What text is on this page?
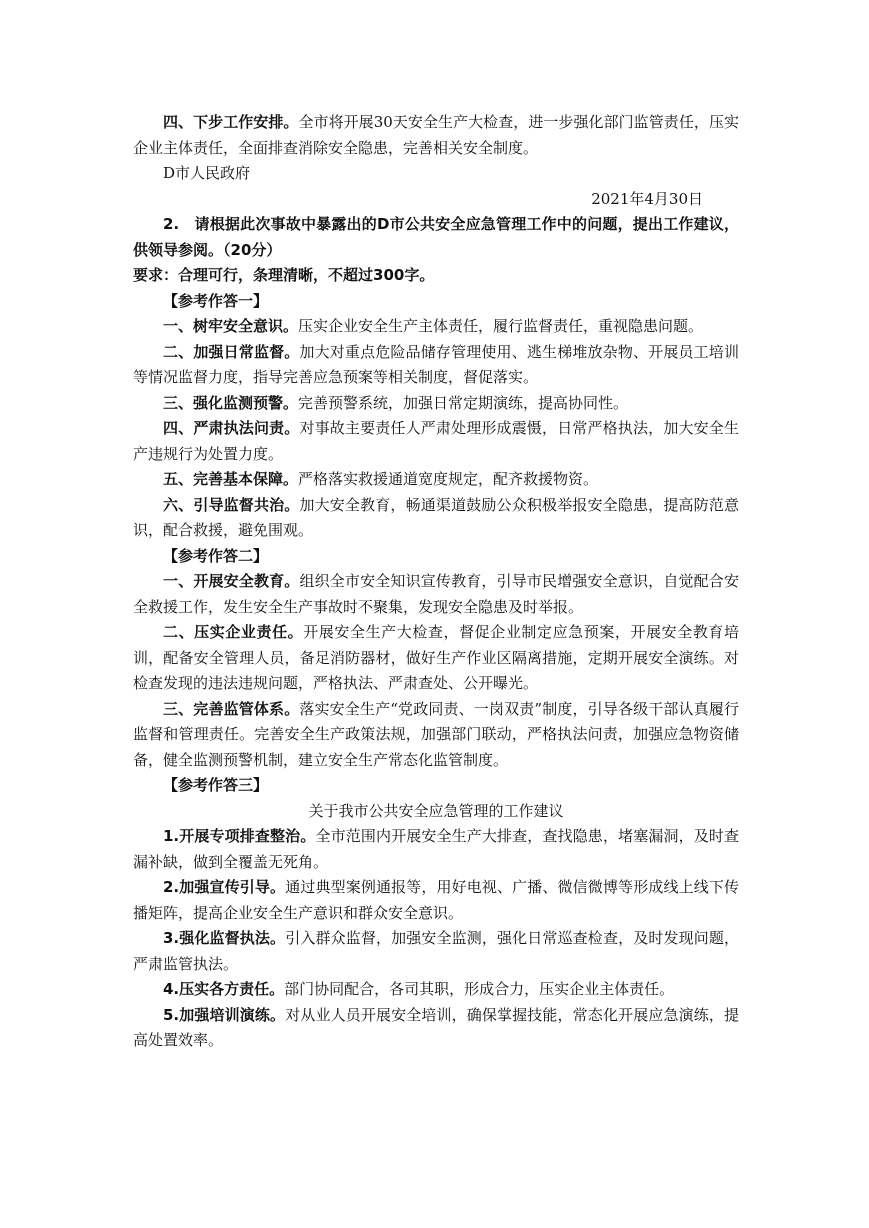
四、下步工作安排。全市将开展30天安全生产大检查，进一步强化部门监管责任，压实企业主体责任，全面排查消除安全隐患，完善相关安全制度。

D市人民政府

2021年4月30日

2.　请根据此次事故中暴露出的D市公共安全应急管理工作中的问题，提出工作建议，供领导参阅。（20分）

要求：合理可行，条理清晰，不超过300字。

【参考作答一】

一、树牢安全意识。压实企业安全生产主体责任，履行监督责任，重视隐患问题。

二、加强日常监督。加大对重点危险品储存管理使用、逃生梯堆放杂物、开展员工培训等情况监督力度，指导完善应急预案等相关制度，督促落实。

三、强化监测预警。完善预警系统，加强日常定期演练，提高协同性。

四、严肃执法问责。对事故主要责任人严肃处理形成震慑，日常严格执法，加大安全生产违规行为处置力度。

五、完善基本保障。严格落实救援通道宽度规定，配齐救援物资。

六、引导监督共治。加大安全教育，畅通渠道鼓励公众积极举报安全隐患，提高防范意识，配合救援，避免围观。

【参考作答二】

一、开展安全教育。组织全市安全知识宣传教育，引导市民增强安全意识，自觉配合安全救援工作，发生安全生产事故时不聚集，发现安全隐患及时举报。

二、压实企业责任。开展安全生产大检查，督促企业制定应急预案，开展安全教育培训，配备安全管理人员，备足消防器材，做好生产作业区隔离措施，定期开展安全演练。对检查发现的违法违规问题，严格执法、严肃查处、公开曝光。

三、完善监管体系。落实安全生产“党政同责、一岗双责”制度，引导各级干部认真履行监督和管理责任。完善安全生产政策法规，加强部门联动，严格执法问责，加强应急物资储备，健全监测预警机制，建立安全生产常态化监管制度。

【参考作答三】

关于我市公共安全应急管理的工作建议

1.开展专项排查整治。全市范围内开展安全生产大排查，查找隐患，堵塞漏洞，及时查漏补缺，做到全覆盖无死角。

2.加强宣传引导。通过典型案例通报等，用好电视、广播、微信微博等形成线上线下传播矩阵，提高企业安全生产意识和群众安全意识。

3.强化监督执法。引入群众监督，加强安全监测，强化日常巡查检查，及时发现问题，严肃监管执法。

4.压实各方责任。部门协同配合，各司其职，形成合力，压实企业主体责任。

5.加强培训演练。对从业人员开展安全培训，确保掌握技能，常态化开展应急演练，提高处置效率。
